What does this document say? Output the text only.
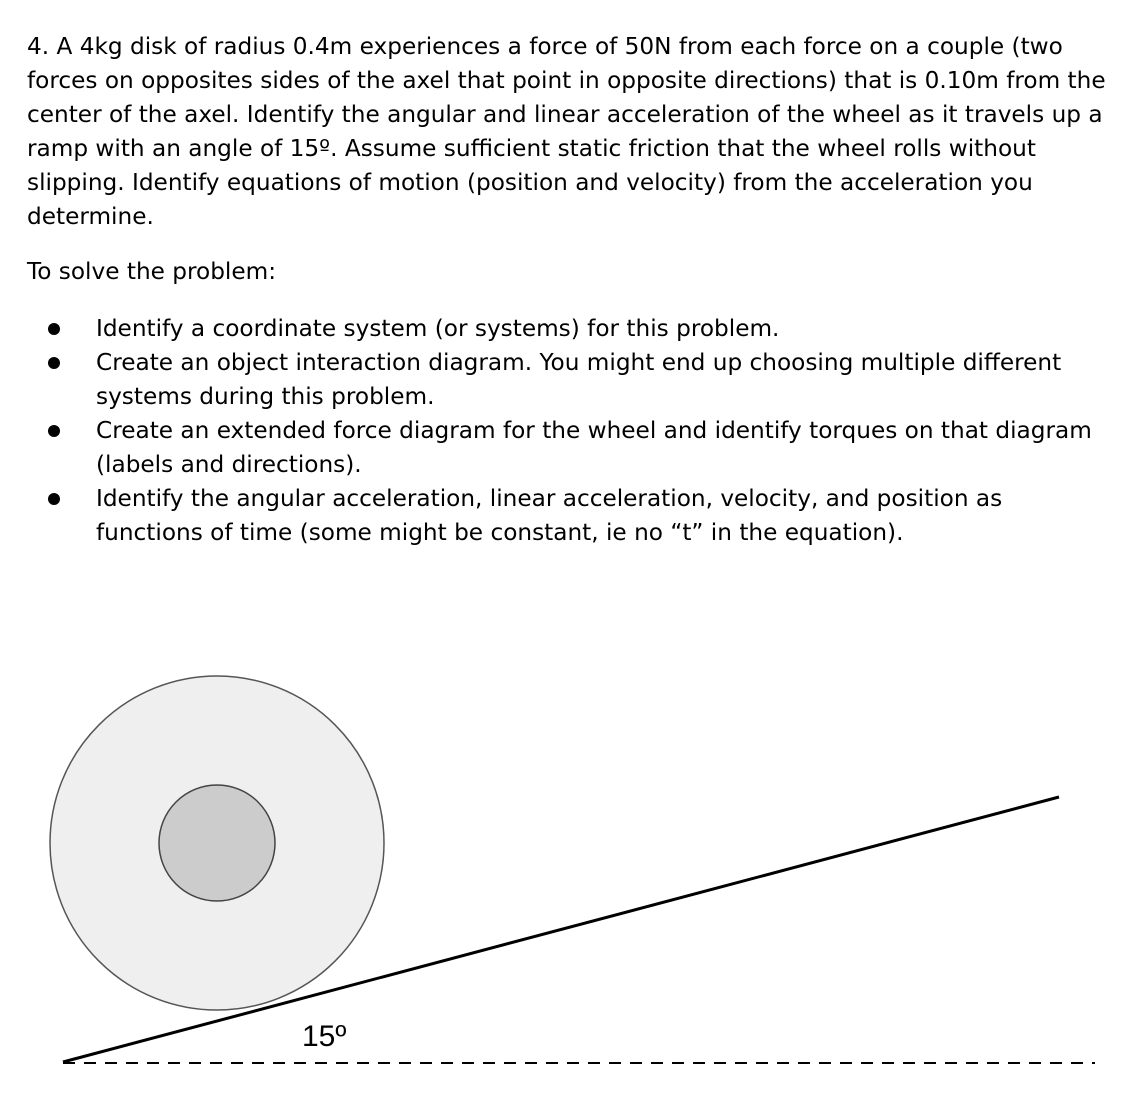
4. A 4kg disk of radius 0.4m experiences a force of 50N from each force on a couple (two forces on opposites sides of the axel that point in opposite directions) that is 0.10m from the center of the axel. Identify the angular and linear acceleration of the wheel as it travels up a ramp with an angle of 15º. Assume sufficient static friction that the wheel rolls without slipping. Identify equations of motion (position and velocity) from the acceleration you determine.

To solve the problem:

Identify a coordinate system (or systems) for this problem.
Create an object interaction diagram. You might end up choosing multiple different systems during this problem.
Create an extended force diagram for the wheel and identify torques on that diagram (labels and directions).
Identify the angular acceleration, linear acceleration, velocity, and position as functions of time (some might be constant, ie no “t” in the equation).
15º
